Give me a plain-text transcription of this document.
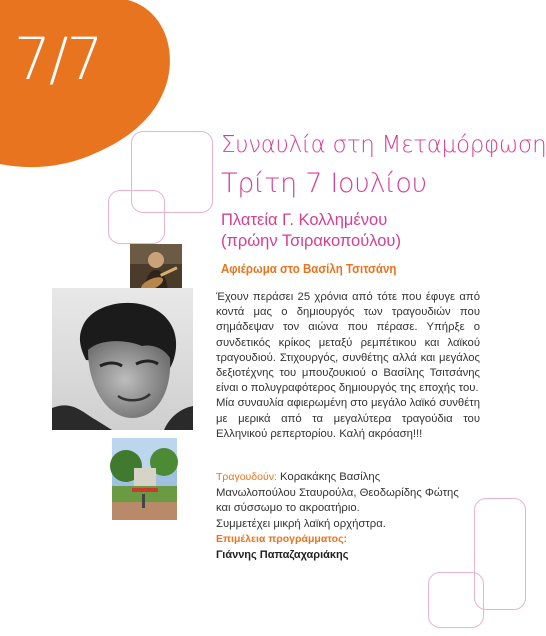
7/7
Συναυλία στη Μεταμόρφωση
Τρίτη 7 Ιουλίου
Πλατεία Γ. Κολλημένου
(πρώην Τσιρακοπούλου)
Αφιέρωμα στο Βασίλη Τσιτσάνη

Έχουν περάσει 25 χρόνια από τότε που έφυγε από κοντά μας ο δημιουργός των τραγουδιών που σημάδεψαν τον αιώνα που πέρασε. Υπήρξε ο συνδετικός κρίκος μεταξύ ρεμπέτικου και λαϊκού τραγουδιού. Στιχουργός, συνθέτης αλλά και μεγάλος δεξιοτέχνης του μπουζουκιού ο Βασίλης Τσιτσάνης είναι ο πολυγραφότερος δημιουργός της εποχής του.
Μία συναυλία αφιερωμένη στο μεγάλο λαϊκό συνθέτη με μερικά από τα μεγαλύτερα τραγούδια του Ελληνικού ρεπερτορίου. Καλή ακρόαση!!!

Τραγουδούν: Κορακάκης Βασίλης
Μανωλοπούλου Σταυρούλα, Θεοδωρίδης Φώτης
και σύσσωμο το ακροατήριο.
Συμμετέχει μικρή λαϊκή ορχήστρα.
Επιμέλεια προγράμματος:
Γιάννης Παπαζαχαριάκης
